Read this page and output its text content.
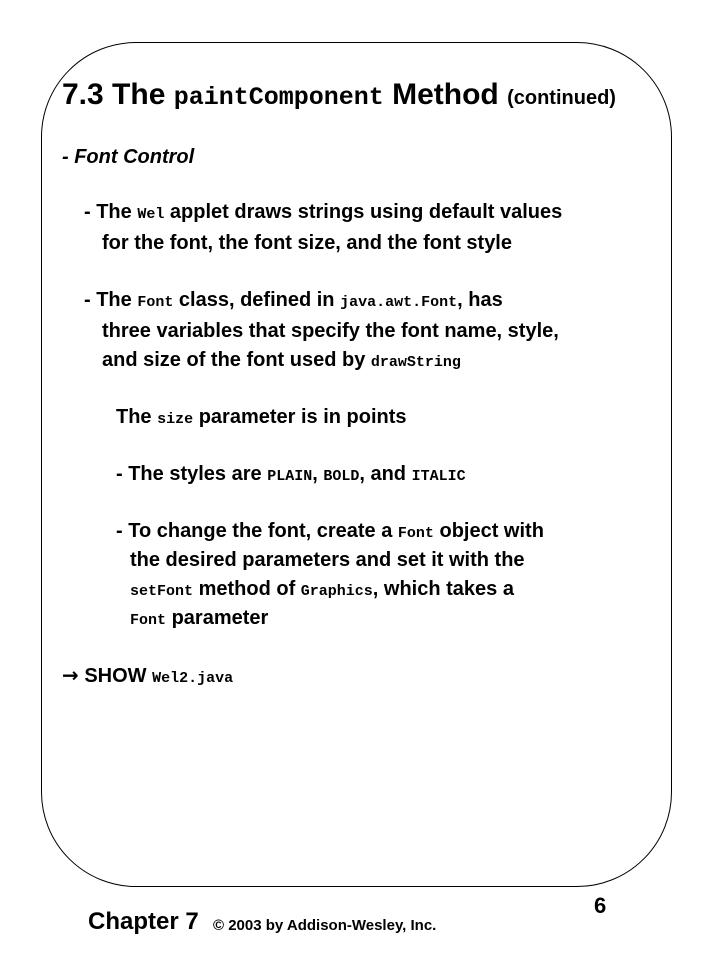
7.3 The paintComponent Method (continued)
- Font Control
- The Wel applet draws strings using default values
for the font, the font size, and the font style
- The Font class, defined in java.awt.Font, has
three variables that specify the font name, style,
and size of the font used by drawString
The size parameter is in points
- The styles are PLAIN, BOLD, and ITALIC
- To change the font, create a Font object with
the desired parameters and set it with the
setFont method of Graphics, which takes a
Font parameter
→ SHOW Wel2.java
Chapter 7 © 2003 by Addison-Wesley, Inc.
6
